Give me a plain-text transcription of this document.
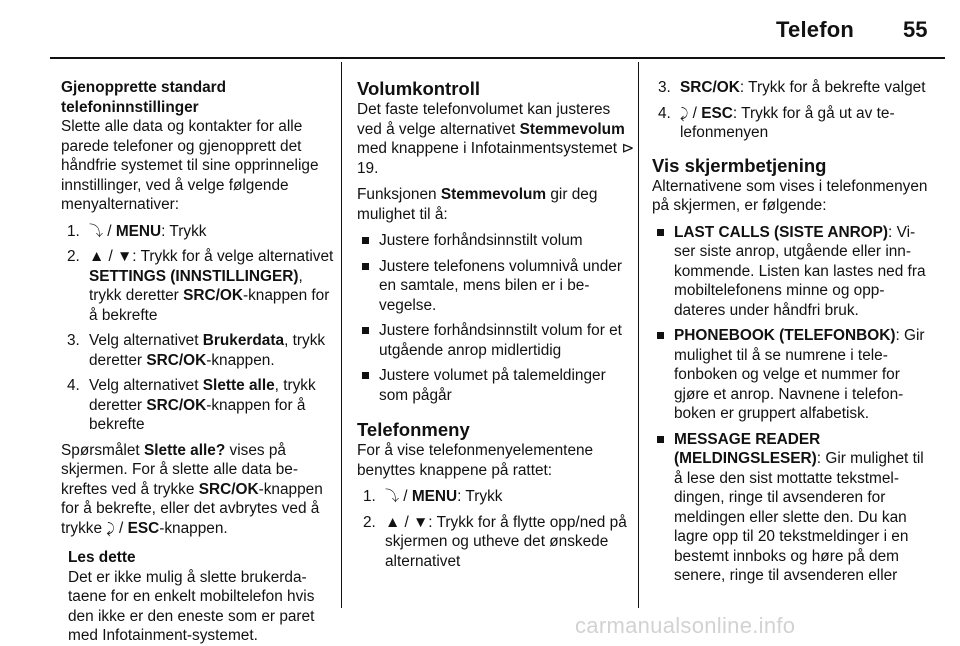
Telefon 55

Gjenopprette standard telefoninnstillinger

Slette alle data og kontakter for alle parede telefoner og gjenopprett det håndfrie systemet til sine opprinnelige innstillinger, ved å velge følgende menyalternativer:

1. ⤵ / MENU: Trykk
2. ▲ / ▼: Trykk for å velge alternativet SETTINGS (INNSTILLINGER), trykk deretter SRC/OK-knappen for å bekrefte
3. Velg alternativet Brukerdata, trykk deretter SRC/OK-knappen.
4. Velg alternativet Slette alle, trykk deretter SRC/OK-knappen for å bekrefte

Spørsmålet Slette alle? vises på skjermen. For å slette alle data bekreftes ved å trykke SRC/OK-knappen for å bekrefte, eller det avbrytes ved å trykke ⤸ / ESC-knappen.

Les dette
Det er ikke mulig å slette brukerdataene for en enkelt mobiltelefon hvis den ikke er den eneste som er paret med Infotainment-systemet.
Volumkontroll

Det faste telefonvolumet kan justeres ved å velge alternativet Stemmevolum med knappene i Infotainmentsystemet ⊳ 19.

Funksjonen Stemmevolum gir deg mulighet til å:

Justere forhåndsinnstilt volum
Justere telefonens volumnivå under en samtale, mens bilen er i bevegelse.
Justere forhåndsinnstilt volum for et utgående anrop midlertidig
Justere volumet på talemeldinger som pågår
Telefonmeny

For å vise telefonmenyelementene benyttes knappene på rattet:

1. ⤵ / MENU: Trykk
2. ▲ / ▼: Trykk for å flytte opp/ned på skjermen og utheve det ønskede alternativet
3. SRC/OK: Trykk for å bekrefte valget
4. ⤸ / ESC: Trykk for å gå ut av telefonmenyen
Vis skjermbetjening

Alternativene som vises i telefonmenyen på skjermen, er følgende:

LAST CALLS (SISTE ANROP): Viser siste anrop, utgående eller innkommende. Listen kan lastes ned fra mobiltelefonens minne og oppdateres under håndfri bruk.
PHONEBOOK (TELEFONBOK): Gir mulighet til å se numrene i telefonboken og velge et nummer for gjøre et anrop. Navnene i telefonboken er gruppert alfabetisk.
MESSAGE READER (MELDINGSLESER): Gir mulighet til å lese den sist mottatte tekstmeldingen, ringe til avsenderen for meldingen eller slette den. Du kan lagre opp til 20 tekstmeldinger i en bestemt innboks og høre på dem senere, ringe til avsenderen eller
carmanualsonline.info
